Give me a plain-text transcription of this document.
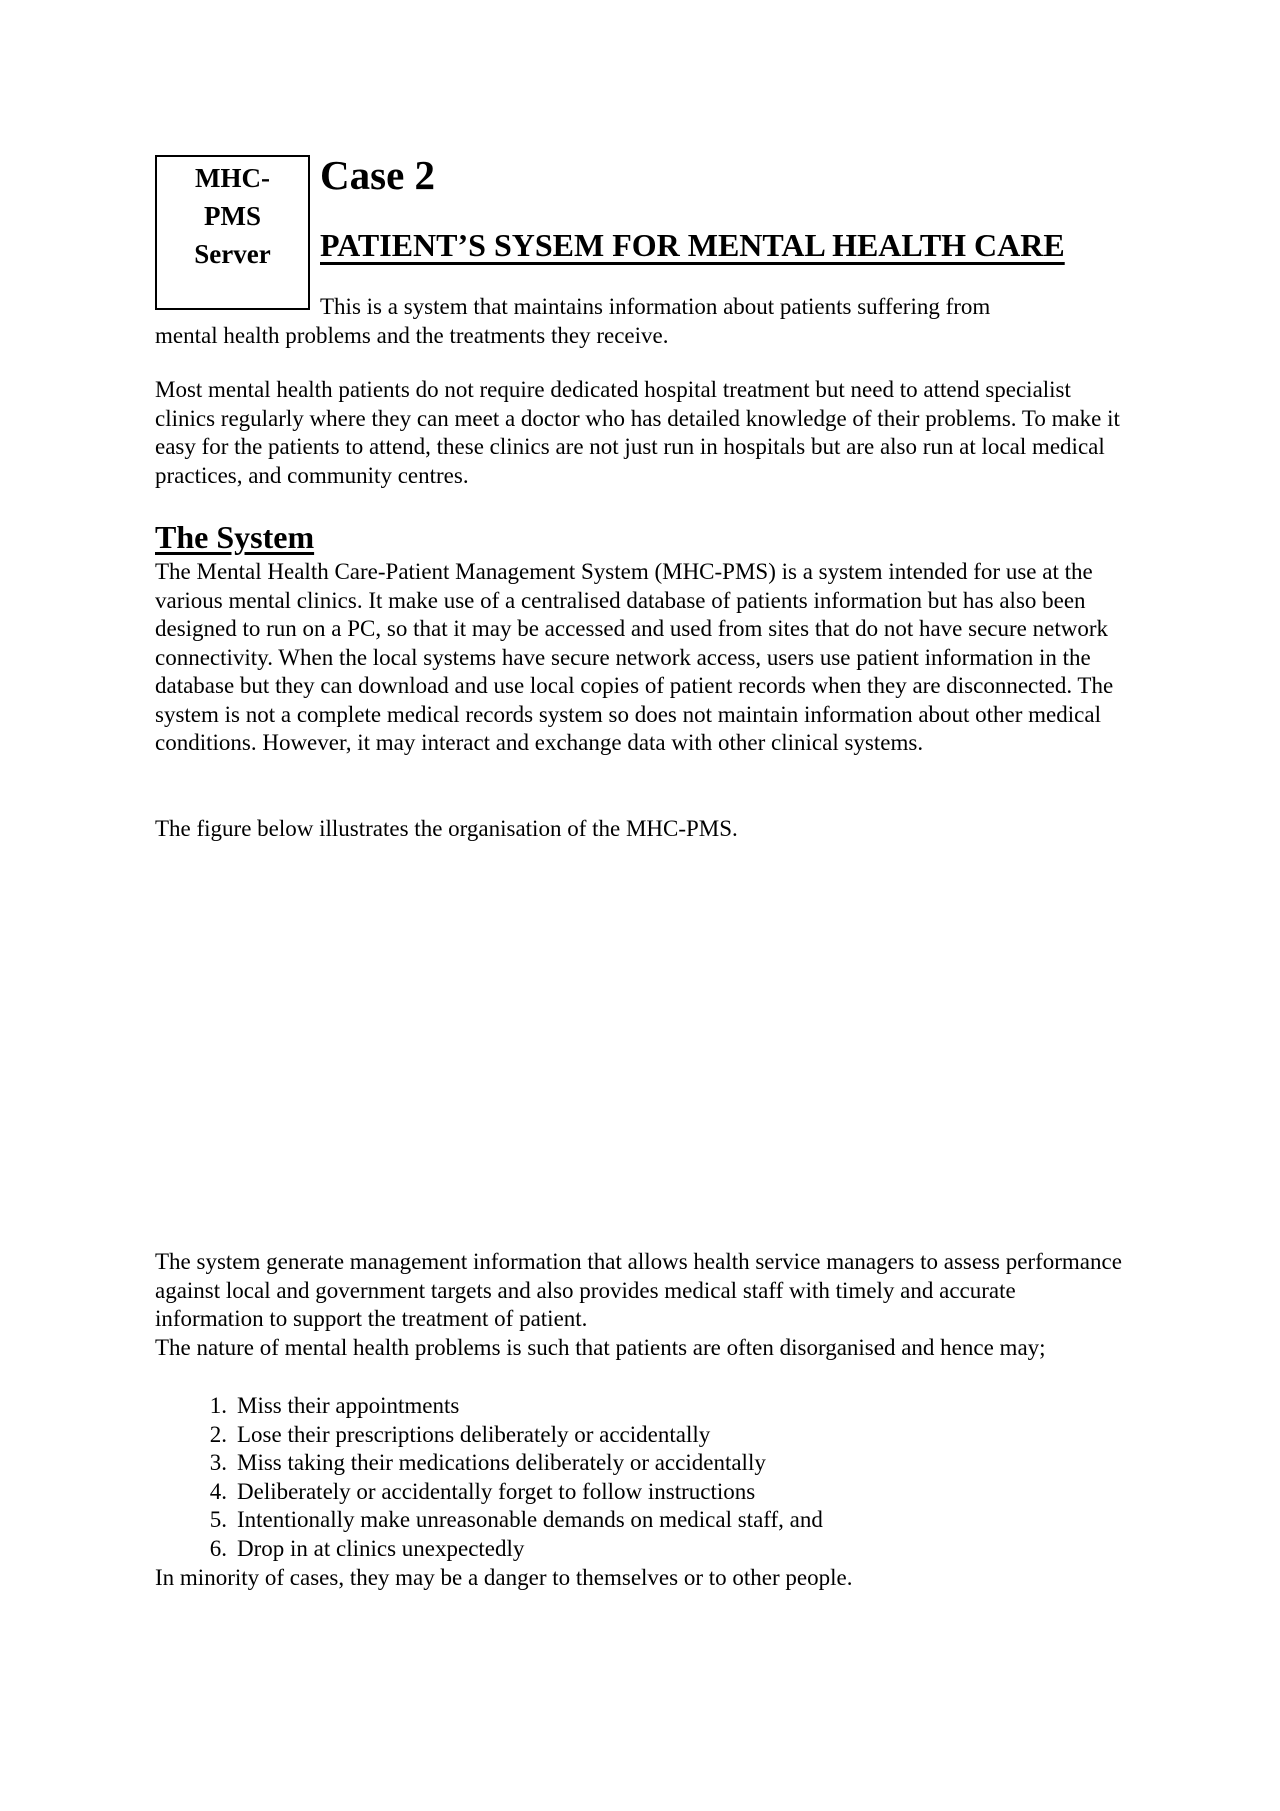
MHC-
PMS
Server
Case 2
PATIENT’S SYSEM FOR MENTAL HEALTH CARE

This is a system that maintains information about patients suffering from
mental health problems and the treatments they receive.

Most mental health patients do not require dedicated hospital treatment but need to attend specialist clinics regularly where they can meet a doctor who has detailed knowledge of their problems. To make it easy for the patients to attend, these clinics are not just run in hospitals but are also run at local medical practices, and community centres.

The System

The Mental Health Care-Patient Management System (MHC-PMS) is a system intended for use at the various mental clinics. It make use of a centralised database of patients information but has also been designed to run on a PC, so that it may be accessed and used from sites that do not have secure network connectivity. When the local systems have secure network access, users use patient information in the database but they can download and use local copies of patient records when they are disconnected. The system is not a complete medical records system so does not maintain information about other medical conditions. However, it may interact and exchange data with other clinical systems.

The figure below illustrates the organisation of the MHC-PMS.

The system generate management information that allows health service managers to assess performance against local and government targets and also provides medical staff with timely and accurate information to support the treatment of patient.

The nature of mental health problems is such that patients are often disorganised and hence may;

1. Miss their appointments
2. Lose their prescriptions deliberately or accidentally
3. Miss taking their medications deliberately or accidentally
4. Deliberately or accidentally forget to follow instructions
5. Intentionally make unreasonable demands on medical staff, and
6. Drop in at clinics unexpectedly

In minority of cases, they may be a danger to themselves or to other people.
